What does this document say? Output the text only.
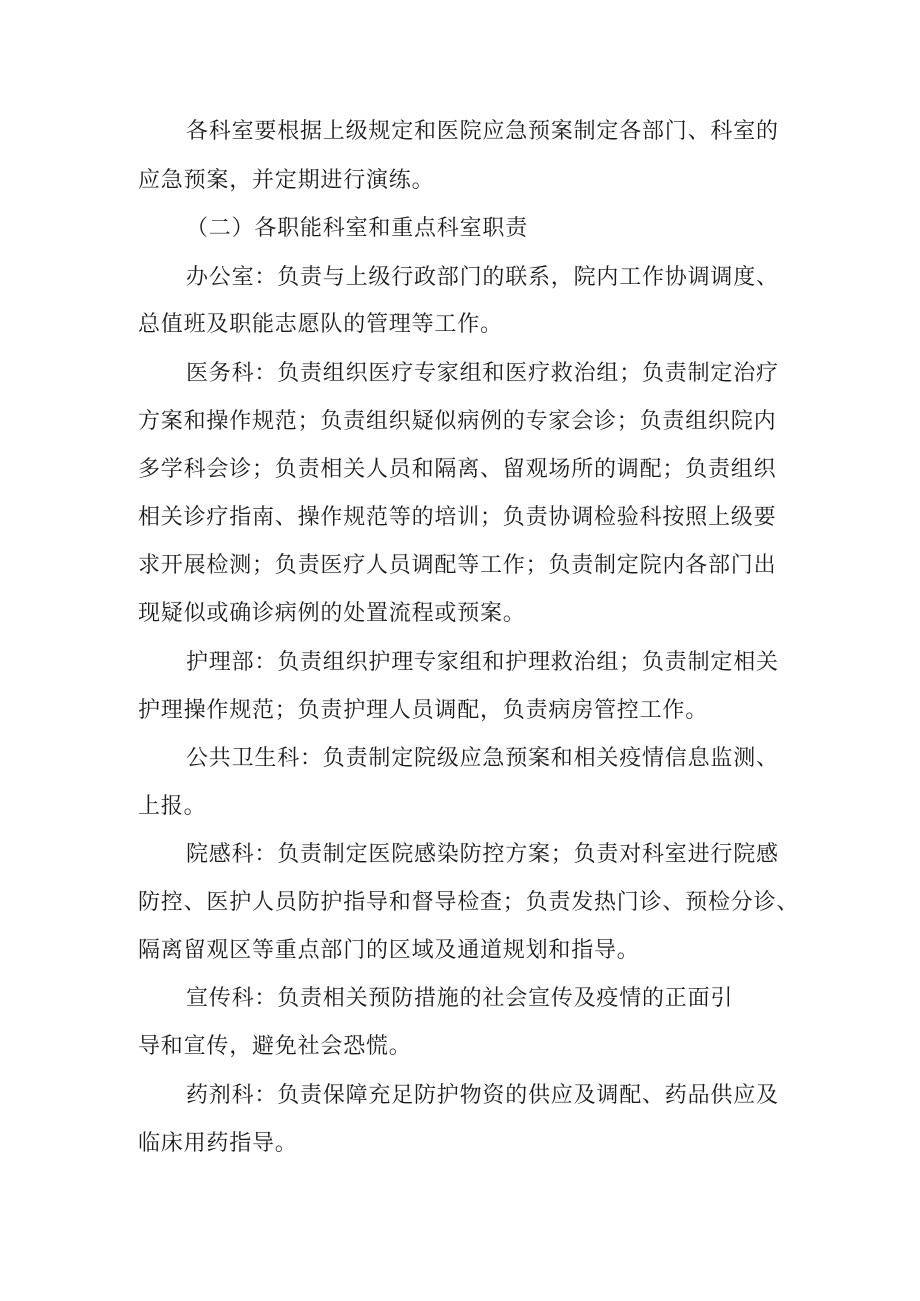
各科室要根据上级规定和医院应急预案制定各部门、科室的
应急预案，并定期进行演练。
（二）各职能科室和重点科室职责
办公室：负责与上级行政部门的联系，院内工作协调调度、
总值班及职能志愿队的管理等工作。
医务科：负责组织医疗专家组和医疗救治组；负责制定治疗
方案和操作规范；负责组织疑似病例的专家会诊；负责组织院内
多学科会诊；负责相关人员和隔离、留观场所的调配；负责组织
相关诊疗指南、操作规范等的培训；负责协调检验科按照上级要
求开展检测；负责医疗人员调配等工作；负责制定院内各部门出
现疑似或确诊病例的处置流程或预案。
护理部：负责组织护理专家组和护理救治组；负责制定相关
护理操作规范；负责护理人员调配，负责病房管控工作。
公共卫生科：负责制定院级应急预案和相关疫情信息监测、
上报。
院感科：负责制定医院感染防控方案；负责对科室进行院感
防控、医护人员防护指导和督导检查；负责发热门诊、预检分诊、
隔离留观区等重点部门的区域及通道规划和指导。
宣传科：负责相关预防措施的社会宣传及疫情的正面引
导和宣传，避免社会恐慌。
药剂科：负责保障充足防护物资的供应及调配、药品供应及
临床用药指导。
